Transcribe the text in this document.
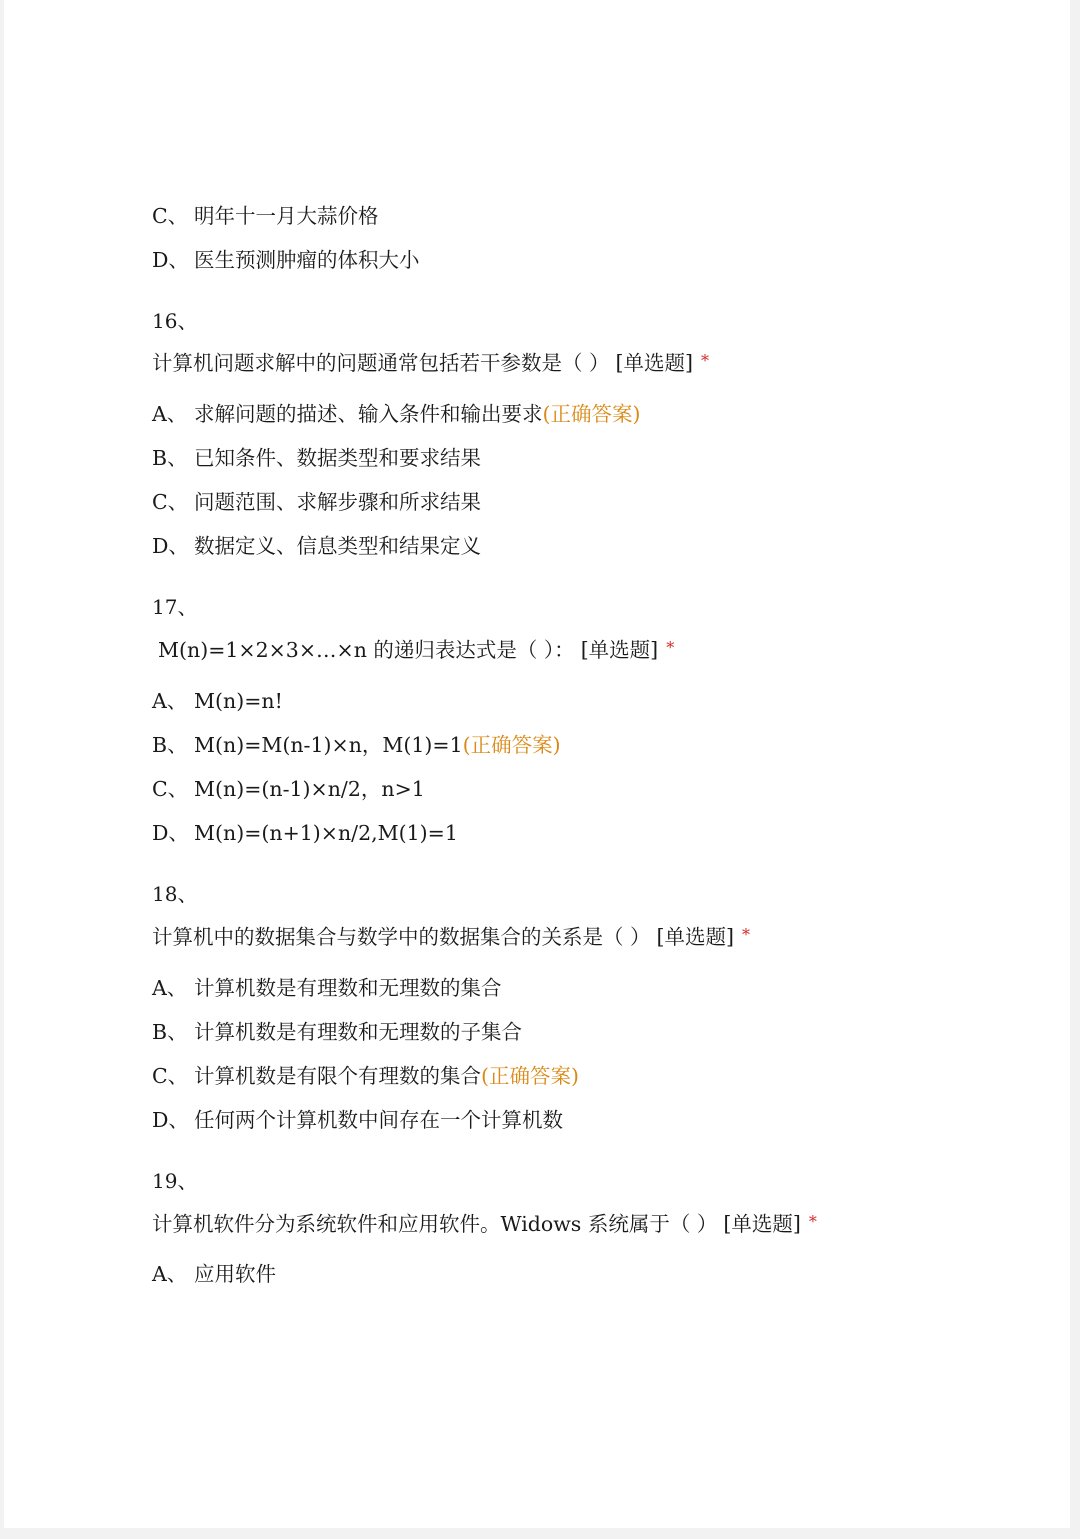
C、 明年十一月大蒜价格
D、 医生预测肿瘤的体积大小
16、
计算机问题求解中的问题通常包括若干参数是（ ） [单选题] *
A、 求解问题的描述、输入条件和输出要求(正确答案)
B、 已知条件、数据类型和要求结果
C、 问题范围、求解步骤和所求结果
D、 数据定义、信息类型和结果定义
17、
M(n)=1×2×3×…×n 的递归表达式是（ ）： [单选题] *
A、 M(n)=n!
B、 M(n)=M(n-1)×n，M(1)=1(正确答案)
C、 M(n)=(n-1)×n/2，n>1
D、 M(n)=(n+1)×n/2,M(1)=1
18、
计算机中的数据集合与数学中的数据集合的关系是（ ） [单选题] *
A、 计算机数是有理数和无理数的集合
B、 计算机数是有理数和无理数的子集合
C、 计算机数是有限个有理数的集合(正确答案)
D、 任何两个计算机数中间存在一个计算机数
19、
计算机软件分为系统软件和应用软件。Widows 系统属于（ ） [单选题] *
A、 应用软件
